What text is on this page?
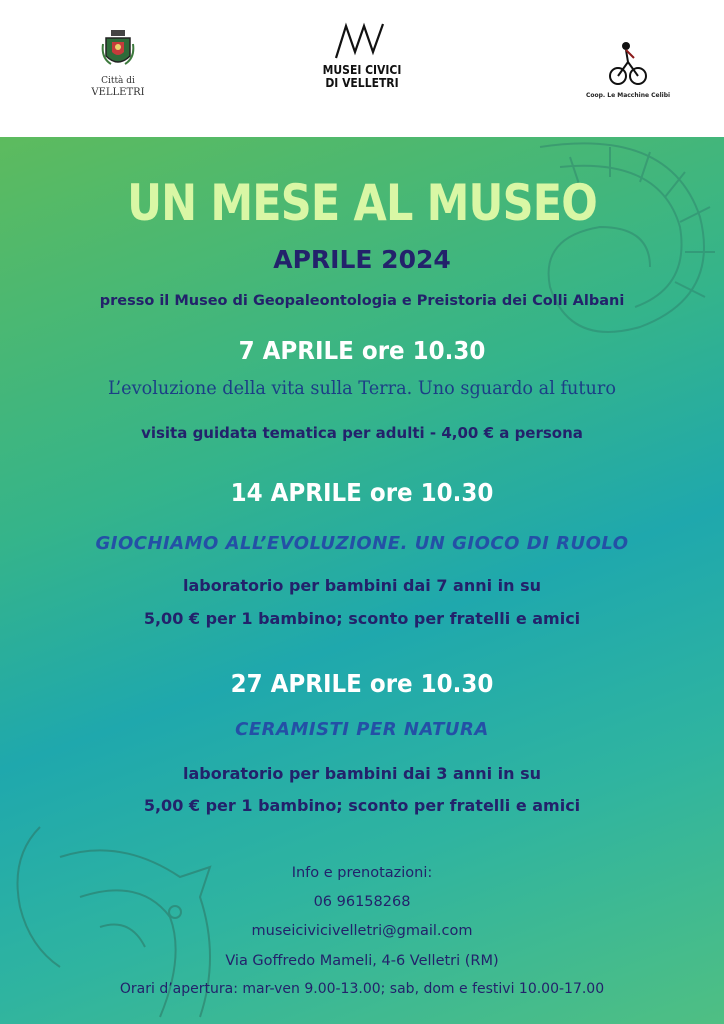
Città di
VELLETRI
MUSEI CIVICI
DI VELLETRI
Coop. Le Macchine Celibi
UN MESE AL MUSEO
APRILE 2024
presso il Museo di Geopaleontologia e Preistoria dei Colli Albani
7 APRILE ore 10.30
L’evoluzione della vita sulla Terra. Uno sguardo al futuro
visita guidata tematica per adulti - 4,00 € a persona
14 APRILE ore 10.30
GIOCHIAMO ALL’EVOLUZIONE. UN GIOCO DI RUOLO
laboratorio per bambini dai 7 anni in su
5,00 € per 1 bambino; sconto per fratelli e amici
27 APRILE ore 10.30
CERAMISTI PER NATURA
laboratorio per bambini dai 3 anni in su
5,00 € per 1 bambino; sconto per fratelli e amici
Info e prenotazioni:
06 96158268
museicivicivelletri@gmail.com
Via Goffredo Mameli, 4-6 Velletri (RM)
Orari d’apertura: mar-ven 9.00-13.00; sab, dom e festivi 10.00-17.00
